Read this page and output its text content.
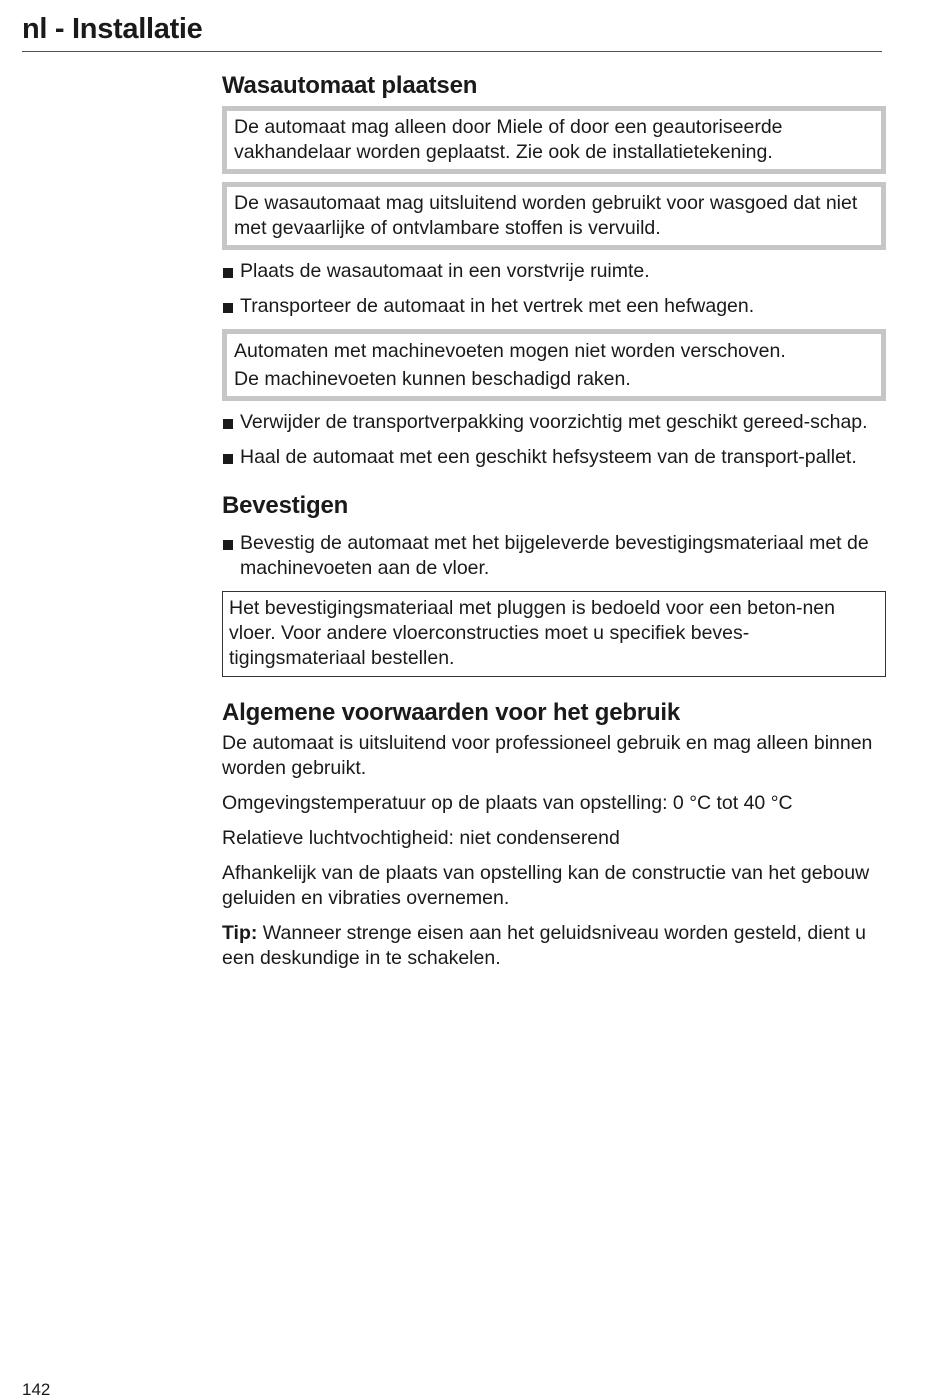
nl - Installatie
Wasautomaat plaatsen
De automaat mag alleen door Miele of door een geautoriseerde vakhandelaar worden geplaatst. Zie ook de installatietekening.
De wasautomaat mag uitsluitend worden gebruikt voor wasgoed dat niet met gevaarlijke of ontvlambare stoffen is vervuild.
Plaats de wasautomaat in een vorstvrije ruimte.
Transporteer de automaat in het vertrek met een hefwagen.
Automaten met machinevoeten mogen niet worden verschoven.
De machinevoeten kunnen beschadigd raken.
Verwijder de transportverpakking voorzichtig met geschikt gereed-schap.
Haal de automaat met een geschikt hefsysteem van de transport-pallet.
Bevestigen
Bevestig de automaat met het bijgeleverde bevestigingsmateriaal met de machinevoeten aan de vloer.
Het bevestigingsmateriaal met pluggen is bedoeld voor een beton-nen vloer. Voor andere vloerconstructies moet u specifiek beves-tigingsmateriaal bestellen.
Algemene voorwaarden voor het gebruik

De automaat is uitsluitend voor professioneel gebruik en mag alleen binnen worden gebruikt.

Omgevingstemperatuur op de plaats van opstelling: 0 °C tot 40 °C

Relatieve luchtvochtigheid: niet condenserend

Afhankelijk van de plaats van opstelling kan de constructie van het gebouw geluiden en vibraties overnemen.

Tip: Wanneer strenge eisen aan het geluidsniveau worden gesteld, dient u een deskundige in te schakelen.

142
